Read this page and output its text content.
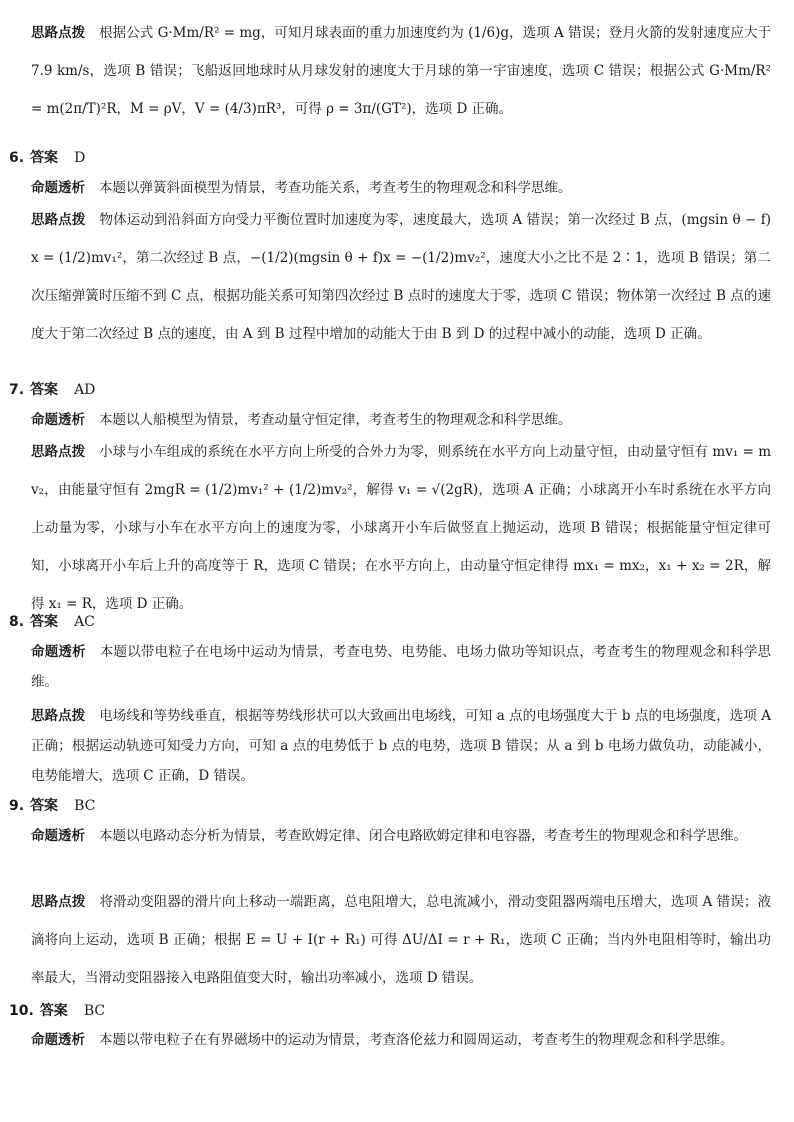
思路点拨 根据公式 G·Mm/R² = mg，可知月球表面的重力加速度约为 (1/6)g，选项 A 错误；登月火箭的发射速度应大于 7.9 km/s，选项 B 错误；飞船返回地球时从月球发射的速度大于月球的第一宇宙速度，选项 C 错误；根据公式 G·Mm/R² = m(2π/T)²R，M = ρV，V = (4/3)πR³，可得 ρ = 3π/(GT²)，选项 D 正确。
6. 答案 D
命题透析 本题以弹簧斜面模型为情景，考查功能关系，考查考生的物理观念和科学思维。
思路点拨 物体运动到沿斜面方向受力平衡位置时加速度为零，速度最大，选项 A 错误；第一次经过 B 点，(mgsin θ − f)x = (1/2)mv₁²，第二次经过 B 点，−(1/2)(mgsin θ + f)x = −(1/2)mv₂²，速度大小之比不是 2∶1，选项 B 错误；第二次压缩弹簧时压缩不到 C 点，根据功能关系可知第四次经过 B 点时的速度大于零，选项 C 错误；物体第一次经过 B 点的速度大于第二次经过 B 点的速度，由 A 到 B 过程中增加的动能大于由 B 到 D 的过程中减小的动能，选项 D 正确。
7. 答案 AD
命题透析 本题以人船模型为情景，考查动量守恒定律，考查考生的物理观念和科学思维。
思路点拨 小球与小车组成的系统在水平方向上所受的合外力为零，则系统在水平方向上动量守恒，由动量守恒有 mv₁ = mv₂，由能量守恒有 2mgR = (1/2)mv₁² + (1/2)mv₂²，解得 v₁ = √(2gR)，选项 A 正确；小球离开小车时系统在水平方向上动量为零，小球与小车在水平方向上的速度为零，小球离开小车后做竖直上抛运动，选项 B 错误；根据能量守恒定律可知，小球离开小车后上升的高度等于 R，选项 C 错误；在水平方向上，由动量守恒定律得 mx₁ = mx₂，x₁ + x₂ = 2R，解得 x₁ = R，选项 D 正确。
8. 答案 AC
命题透析 本题以带电粒子在电场中运动为情景，考查电势、电势能、电场力做功等知识点，考查考生的物理观念和科学思维。
思路点拨 电场线和等势线垂直，根据等势线形状可以大致画出电场线，可知 a 点的电场强度大于 b 点的电场强度，选项 A 正确；根据运动轨迹可知受力方向，可知 a 点的电势低于 b 点的电势，选项 B 错误；从 a 到 b 电场力做负功，动能减小，电势能增大，选项 C 正确，D 错误。
9. 答案 BC
命题透析 本题以电路动态分析为情景，考查欧姆定律、闭合电路欧姆定律和电容器，考查考生的物理观念和科学思维。
思路点拨 将滑动变阻器的滑片向上移动一端距离，总电阻增大，总电流减小，滑动变阻器两端电压增大，选项 A 错误；液滴将向上运动，选项 B 正确；根据 E = U + I(r + R₁) 可得 ΔU/ΔI = r + R₁，选项 C 正确；当内外电阻相等时，输出功率最大，当滑动变阻器接入电路阻值变大时，输出功率减小，选项 D 错误。
10. 答案 BC
命题透析 本题以带电粒子在有界磁场中的运动为情景，考查洛伦兹力和圆周运动，考查考生的物理观念和科学思维。
